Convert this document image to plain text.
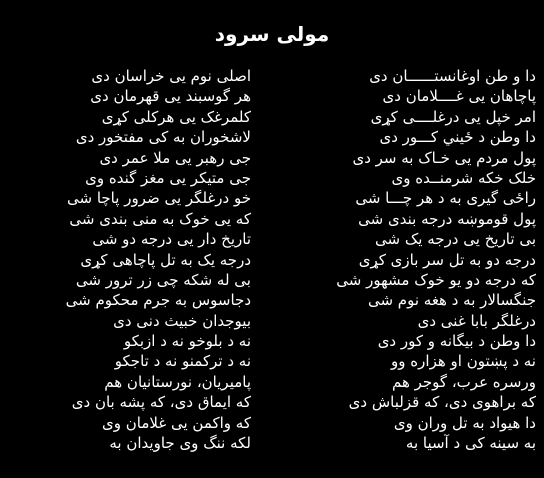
مولی سرود
دا و طن اوغانستــــــان دی
پاچاهان یی غــــلامان دی
امر خپل یی درغلــــی کړی
دا وطن د ځیني کـــور دی
پول مردم یی خـاک به سر دی
خلک خکه شرمنــده وی
راځی گیری به د هر چـــا شی
پول قوموښه درجه بندی شی
بی تاریخ یی درجه یک شی
درجه دو به تل سر بازی کړی
که درجه دو یو خوک مشهور شی
جنگسالار به د هغه نوم شی
درغلگر بابا غنی دی
دا وطن د بیگانه و کور دی
نه د پښتون او هزاره وو
ورسره عرب، گوجر هم
که براهوی دی، که قزلباش دی
دا هیواد به تل وران وی
به سینه کی د آسیا به
اصلی نوم یی خراسان دی
هر گوسبند یی قهرمان دی
کلمرغک یی هرکلی کړی
لاشخوران به کی مفتخور دی
جی رهبر یی ملا عمر دی
جی متیکر یی مغز گنده وی
خو درغلگر یی ضرور پاچا شی
که یی خوک به منی بندی شی
تاریخ دار یی درجه دو شی
درجه یک به تل پاچاهی کړی
بی له شکه چی زر ترور شی
دجاسوس به جرم محکوم شی
بیوجدان خبیث دنی دی
نه د بلوخو نه د ازبکو
نه د ترکمنو نه د تاجکو
پامیریان، نورستانیان هم
که ایماق دی، که پشه بان دی
که واکمن یی غلامان وی
لکه ننگ وی جاویدان به
